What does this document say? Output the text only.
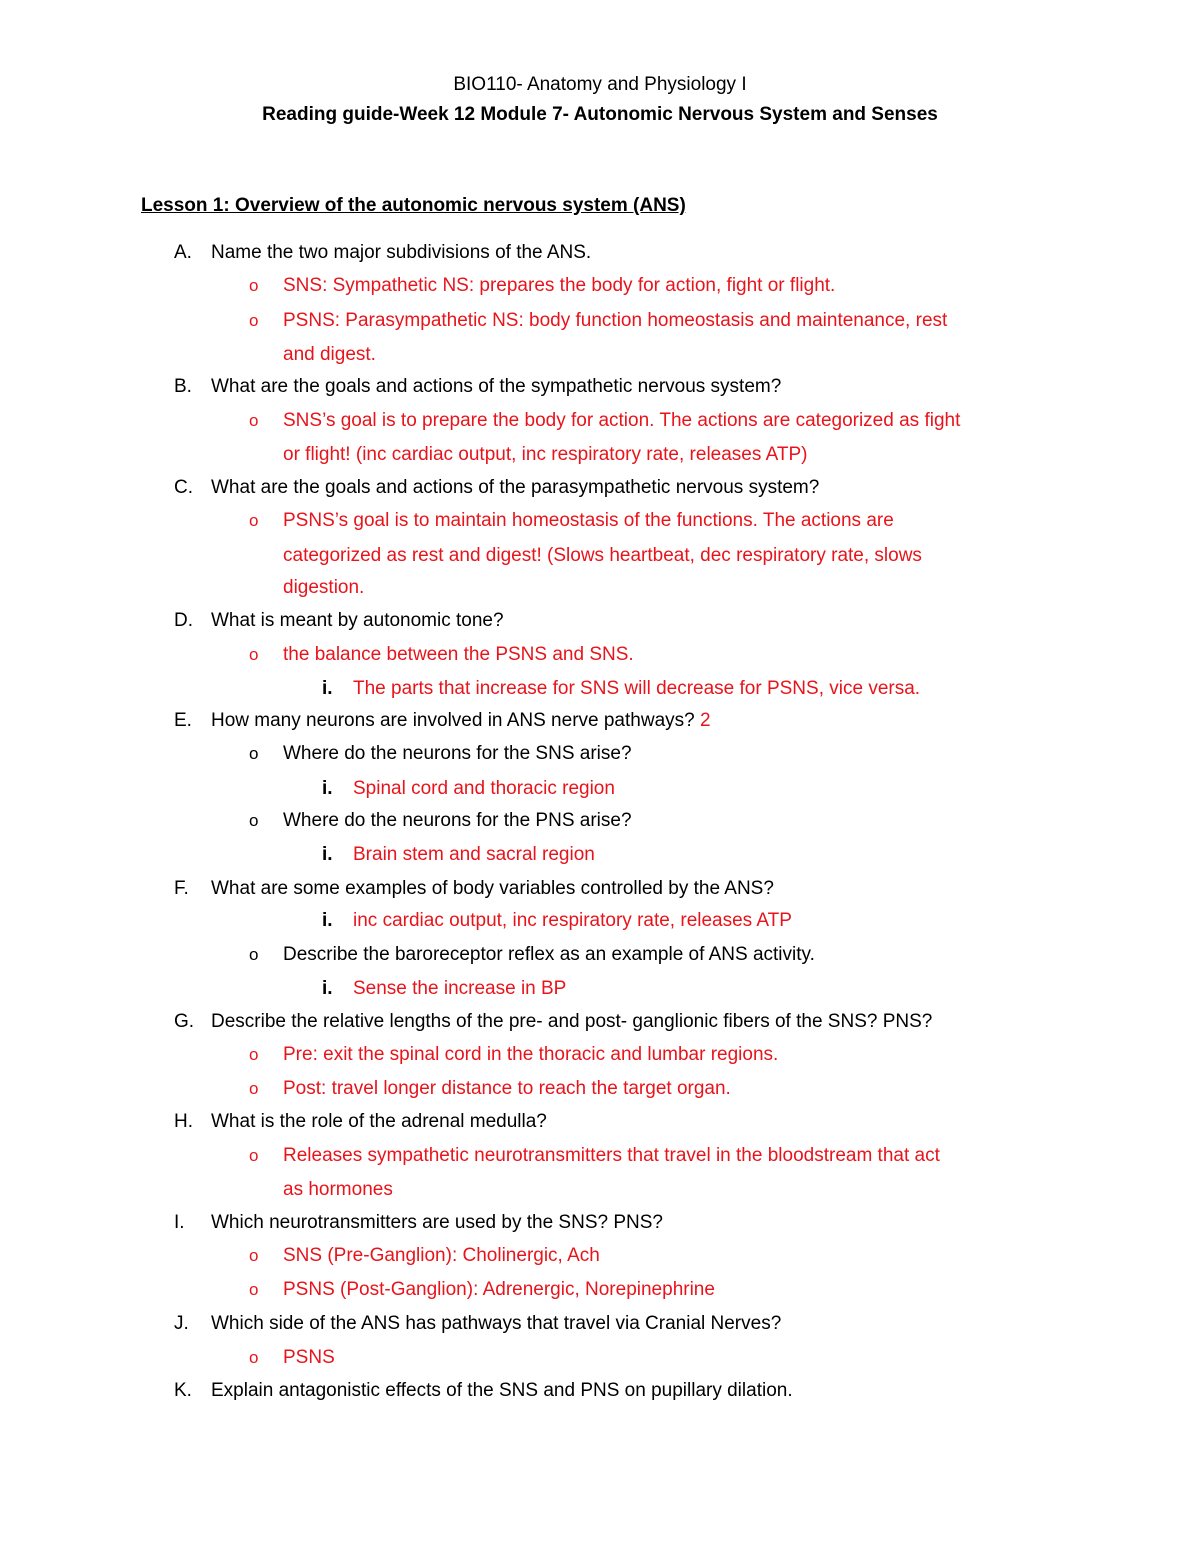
BIO110- Anatomy and Physiology I
Reading guide-Week 12 Module 7- Autonomic Nervous System and Senses
Lesson 1: Overview of the autonomic nervous system (ANS)
A. Name the two major subdivisions of the ANS.
o SNS: Sympathetic NS: prepares the body for action, fight or flight.
o PSNS: Parasympathetic NS: body function homeostasis and maintenance, rest
and digest.
B. What are the goals and actions of the sympathetic nervous system?
o SNS’s goal is to prepare the body for action. The actions are categorized as fight
or flight! (inc cardiac output, inc respiratory rate, releases ATP)
C. What are the goals and actions of the parasympathetic nervous system?
o PSNS’s goal is to maintain homeostasis of the functions. The actions are
categorized as rest and digest! (Slows heartbeat, dec respiratory rate, slows
digestion.
D. What is meant by autonomic tone?
o the balance between the PSNS and SNS.
i. The parts that increase for SNS will decrease for PSNS, vice versa.
E. How many neurons are involved in ANS nerve pathways? 2
o Where do the neurons for the SNS arise?
i. Spinal cord and thoracic region
o Where do the neurons for the PNS arise?
i. Brain stem and sacral region
F. What are some examples of body variables controlled by the ANS?
i. inc cardiac output, inc respiratory rate, releases ATP
o Describe the baroreceptor reflex as an example of ANS activity.
i. Sense the increase in BP
G. Describe the relative lengths of the pre- and post- ganglionic fibers of the SNS? PNS?
o Pre: exit the spinal cord in the thoracic and lumbar regions.
o Post: travel longer distance to reach the target organ.
H. What is the role of the adrenal medulla?
o Releases sympathetic neurotransmitters that travel in the bloodstream that act
as hormones
I. Which neurotransmitters are used by the SNS? PNS?
o SNS (Pre-Ganglion): Cholinergic, Ach
o PSNS (Post-Ganglion): Adrenergic, Norepinephrine
J. Which side of the ANS has pathways that travel via Cranial Nerves?
o PSNS
K. Explain antagonistic effects of the SNS and PNS on pupillary dilation.
